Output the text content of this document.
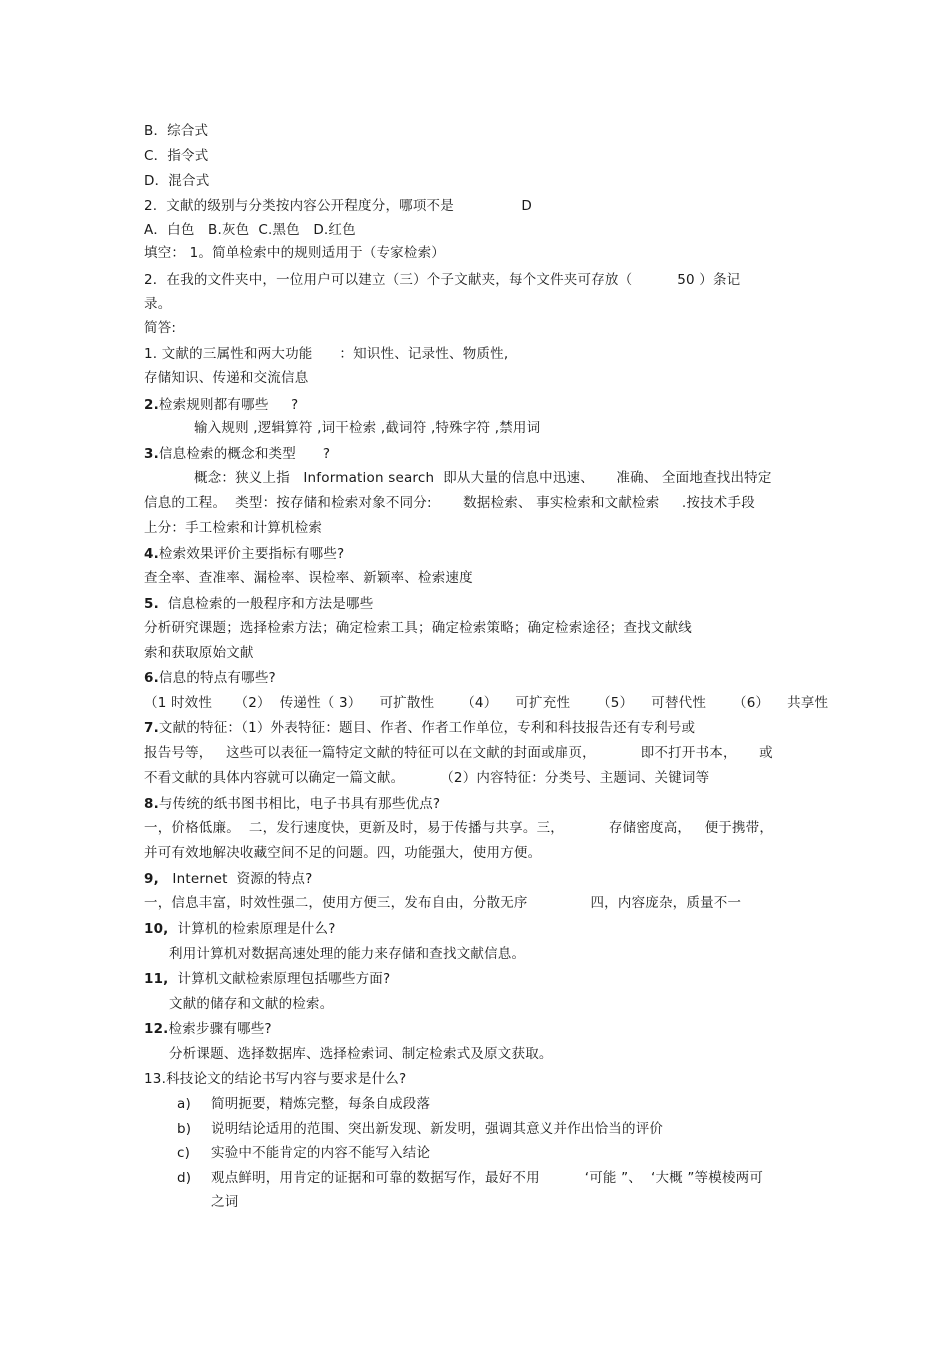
B．综合式
C．指令式
D．混合式
2.  文献的级别与分类按内容公开程度分，哪项不是               D
A．白色   B.灰色  C.黑色   D.红色
填空： 1。简单检索中的规则适用于（专家检索）
2．在我的文件夹中，一位用户可以建立（三）个子文献夹，每个文件夹可存放（          50 ）条记
录。
简答:
1. 文献的三属性和两大功能      ：知识性、记录性、物质性,
存储知识、传递和交流信息
2.检索规则都有哪些     ?
输入规则 ,逻辑算符 ,词干检索 ,截词符 ,特殊字符 ,禁用词
3.信息检索的概念和类型      ?
概念：狭义上指   Information search  即从大量的信息中迅速、     准确、 全面地查找出特定
信息的工程。  类型：按存储和检索对象不同分:       数据检索、 事实检索和文献检索     .按技术手段
上分：手工检索和计算机检索
4.检索效果评价主要指标有哪些?
查全率、查准率、漏检率、误检率、新颖率、检索速度
5.  信息检索的一般程序和方法是哪些
分析研究课题；选择检索方法；确定检索工具；确定检索策略；确定检索途径；查找文献线
索和获取原始文献
6.信息的特点有哪些?
（1 时效性     （2）  传递性（ 3）    可扩散性      （4）    可扩充性      （5）    可替代性      （6）    共享性
7.文献的特征：（1）外表特征：题目、作者、作者工作单位，专利和科技报告还有专利号或
报告号等，   这些可以表征一篇特定文献的特征可以在文献的封面或扉页，          即不打开书本，     或
不看文献的具体内容就可以确定一篇文献。        （2）内容特征：分类号、主题词、关键词等
8.与传统的纸书图书相比，电子书具有那些优点?
一，价格低廉。  二，发行速度快，更新及时，易于传播与共享。三，          存储密度高，   便于携带，
并可有效地解决收藏空间不足的问题。四，功能强大，使用方便。
9,   Internet  资源的特点?
一，信息丰富，时效性强二，使用方便三，发布自由，分散无序              四，内容庞杂，质量不一
10,  计算机的检索原理是什么?
利用计算机对数据高速处理的能力来存储和查找文献信息。
11,  计算机文献检索原理包括哪些方面?
文献的储存和文献的检索。
12.检索步骤有哪些?
分析课题、选择数据库、选择检索词、制定检索式及原文获取。
13.科技论文的结论书写内容与要求是什么?
a) 简明扼要，精炼完整，每条自成段落
b) 说明结论适用的范围、突出新发现、新发明，强调其意义并作出恰当的评价
c) 实验中不能肯定的内容不能写入结论
d) 观点鲜明，用肯定的证据和可靠的数据写作，最好不用          ‘可能 ”、  ‘大概 ”等模棱两可
之词
